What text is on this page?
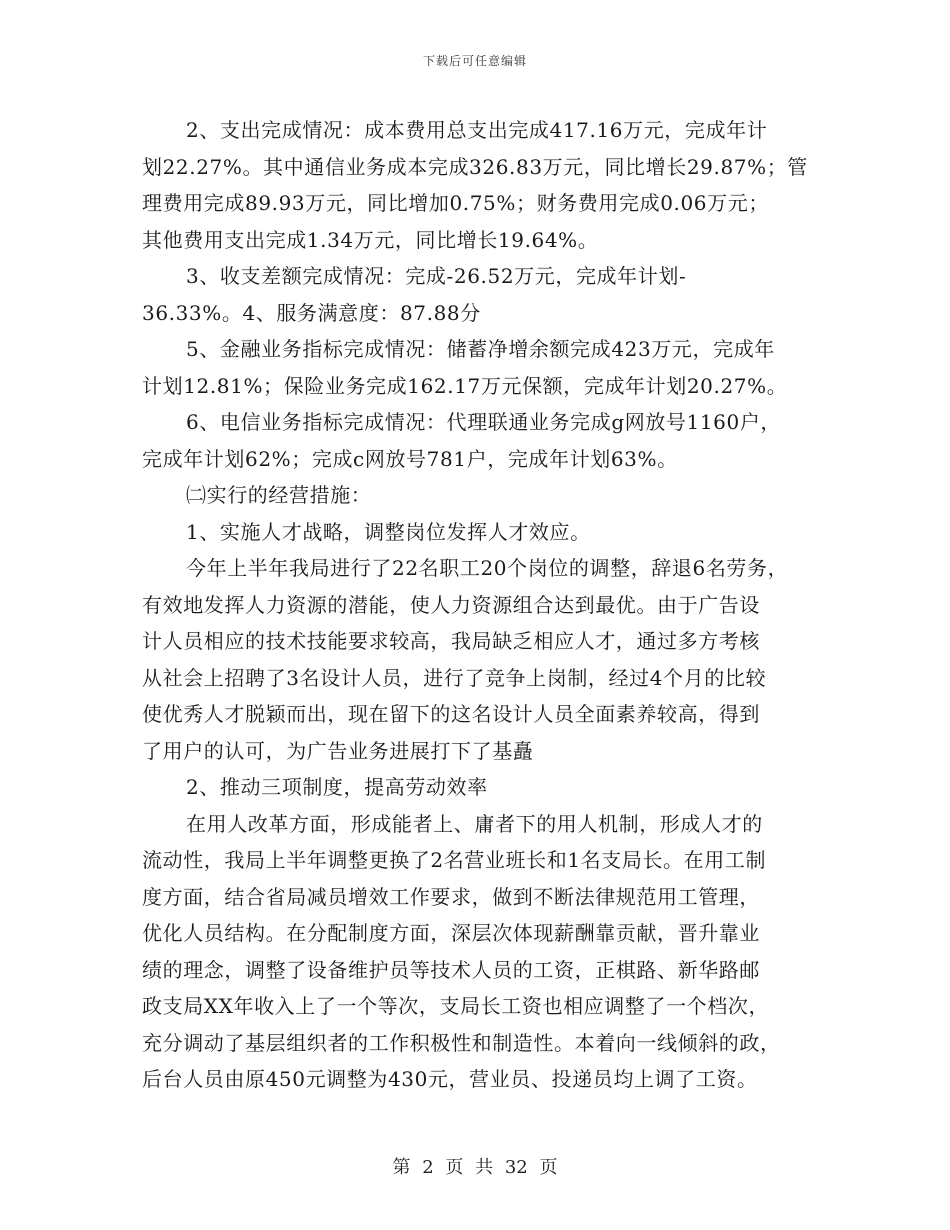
下载后可任意编辑
2、支出完成情况：成本费用总支出完成417.16万元，完成年计
划22.27%。其中通信业务成本完成326.83万元，同比增长29.87%；管
理费用完成89.93万元，同比增加0.75%；财务费用完成0.06万元；
其他费用支出完成1.34万元，同比增长19.64%。
3、收支差额完成情况：完成-26.52万元，完成年计划-
36.33%。4、服务满意度：87.88分
5、金融业务指标完成情况：储蓄净增余额完成423万元，完成年
计划12.81%；保险业务完成162.17万元保额，完成年计划20.27%。
6、电信业务指标完成情况：代理联通业务完成g网放号1160户，
完成年计划62%；完成c网放号781户，完成年计划63%。
㈡实行的经营措施：
1、实施人才战略，调整岗位发挥人才效应。
今年上半年我局进行了22名职工20个岗位的调整，辞退6名劳务，
有效地发挥人力资源的潜能，使人力资源组合达到最优。由于广告设
计人员相应的技术技能要求较高，我局缺乏相应人才，通过多方考核
从社会上招聘了3名设计人员，进行了竞争上岗制，经过4个月的比较
使优秀人才脱颖而出，现在留下的这名设计人员全面素养较高，得到
了用户的认可，为广告业务进展打下了基矗
2、推动三项制度，提高劳动效率
在用人改革方面，形成能者上、庸者下的用人机制，形成人才的
流动性，我局上半年调整更换了2名营业班长和1名支局长。在用工制
度方面，结合省局减员增效工作要求，做到不断法律规范用工管理，
优化人员结构。在分配制度方面，深层次体现薪酬靠贡献，晋升靠业
绩的理念，调整了设备维护员等技术人员的工资，正棋路、新华路邮
政支局XX年收入上了一个等次，支局长工资也相应调整了一个档次，
充分调动了基层组织者的工作积极性和制造性。本着向一线倾斜的政，
后台人员由原450元调整为430元，营业员、投递员均上调了工资。
第 2 页 共 32 页
